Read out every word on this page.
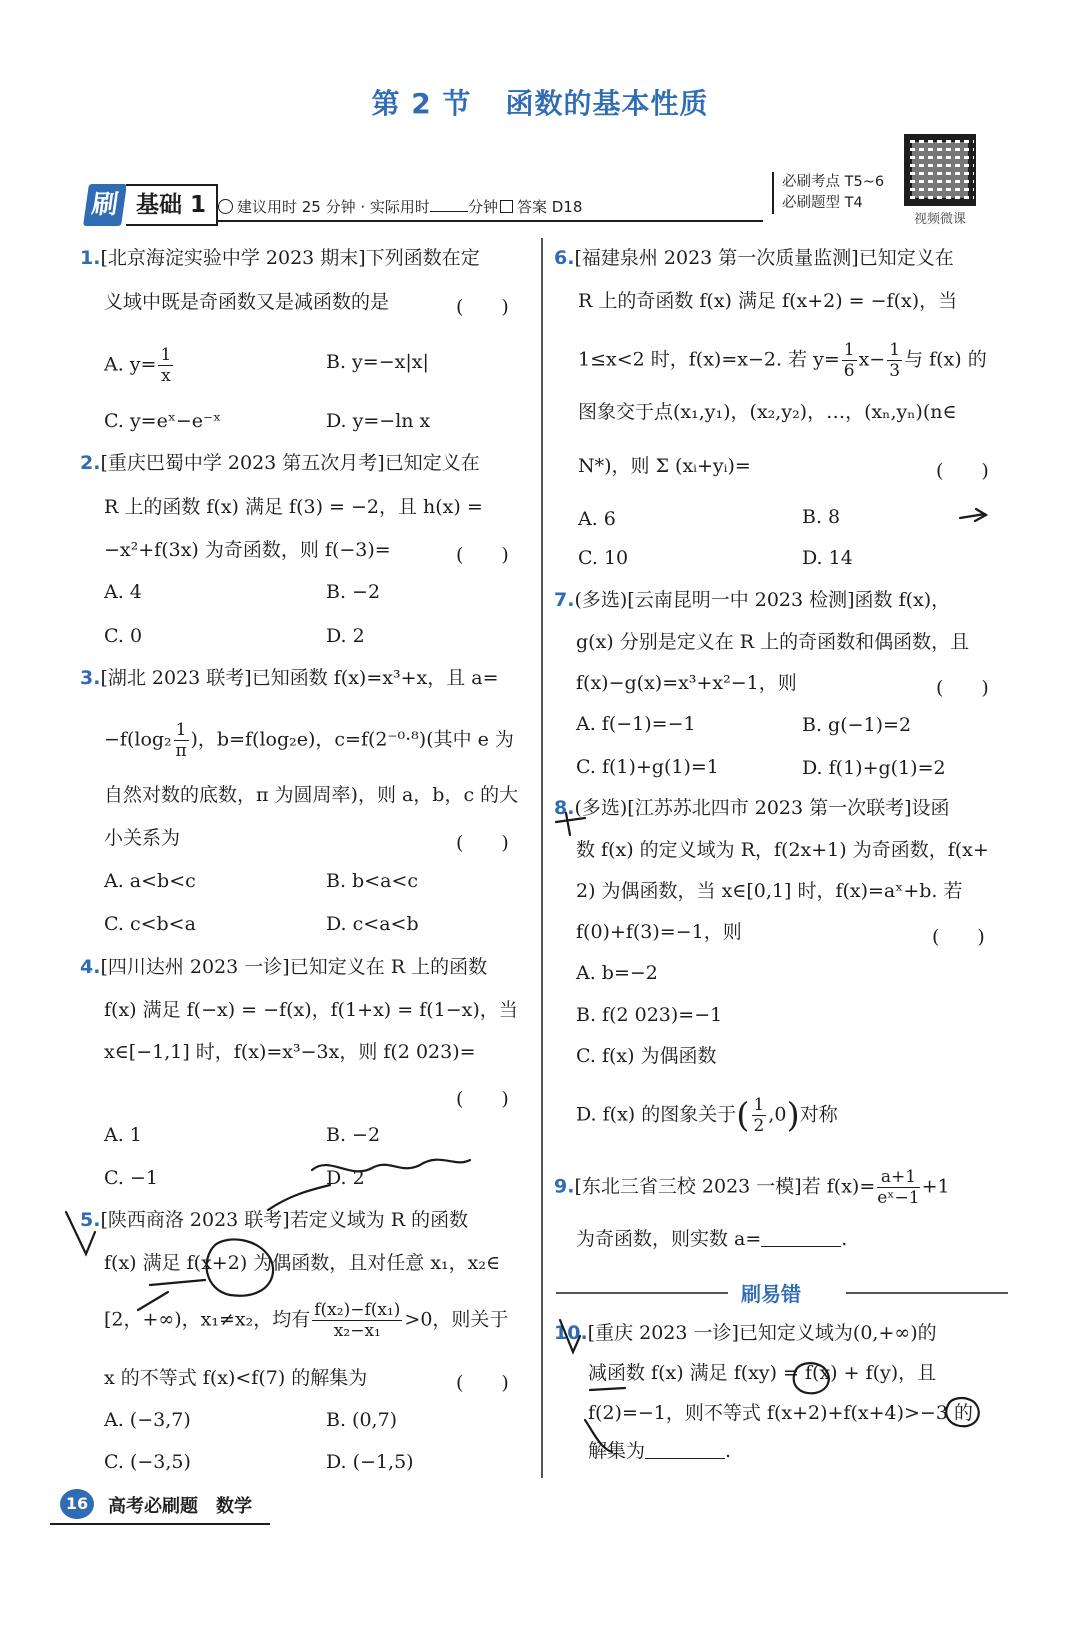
第 2 节 函数的基本性质
刷 基础 1	建议用时 25 分钟 · 实际用时	分钟 答案 D18
必刷考点 T5~6
必刷题型 T4
视频微课
1.[北京海淀实验中学 2023 期末]下列函数在定
义域中既是奇函数又是减函数的是	(　　)
A. $y= \frac{1}{x}$	B. y=−x|x|
C. y=eˣ−e⁻ˣ	D. y=−ln x
2.[重庆巴蜀中学 2023 第五次月考]已知定义在
R 上的函数 f(x) 满足 f(3) = −2，且 h(x) =
−x²+f(3x) 为奇函数，则 f(−3)=	(　　)
A. 4	B. −2
C. 0	D. 2
3.[湖北 2023 联考]已知函数 f(x)=x³+x，且 a=
$-f(\log_2 \frac{1}{\pi}$ )，b=f(log₂e)，c=f(2⁻⁰·⁸)(其中 e 为
自然对数的底数，π 为圆周率)，则 a，b，c 的大
小关系为	(　　)
A. a<b<c	B. b<a<c
C. c<b<a	D. c<a<b
4.[四川达州 2023 一诊]已知定义在 R 上的函数
f(x) 满足 f(−x) = −f(x)，f(1+x) = f(1−x)，当
x∈[−1,1] 时，f(x)=x³−3x，则 f(2 023)=
(　　)
A. 1	B. −2
C. −1	D. 2
5.[陕西商洛 2023 联考]若定义域为 R 的函数
f(x) 满足 f(x+2) 为偶函数，且对任意 x₁，x₂∈
[2，+∞)，x₁≠x₂，均有 $\frac{\text{f(x₂)−f(x₁)}}{\text{x₂−x₁}} >0$，则关于
x 的不等式 f(x)<f(7) 的解集为	(　　)
A. (−3,7)	B. (0,7)
C. (−3,5)	D. (−1,5)
6.[福建泉州 2023 第一次质量监测]已知定义在
R 上的奇函数 f(x) 满足 f(x+2) = −f(x)，当
1≤x<2 时，f(x)=x−2. 若 $y= \frac{1}{6} x- \frac{1}{3}$ 与 f(x) 的
图象交于点(x₁,y₁)，(x₂,y₂)，…，(xₙ,yₙ)(n∈
N*)，则 Σ (xᵢ+yᵢ)=	(　　)
A. 6	B. 8
C. 10	D. 14
7.(多选)[云南昆明一中 2023 检测]函数 f(x)，
g(x) 分别是定义在 R 上的奇函数和偶函数，且
f(x)−g(x)=x³+x²−1，则	(　　)
A. f(−1)=−1	B. g(−1)=2
C. f(1)+g(1)=1	D. f(1)+g(1)=2
8.(多选)[江苏苏北四市 2023 第一次联考]设函
数 f(x) 的定义域为 R，f(2x+1) 为奇函数，f(x+
2) 为偶函数，当 x∈[0,1] 时，f(x)=aˣ+b. 若
f(0)+f(3)=−1，则	(　　)
A. b=−2
B. f(2 023)=−1
C. f(x) 为偶函数
D. f(x) 的图象关于( $\frac{1}{2} ,0$)对称
9.[东北三省三校 2023 一模]若 $f(x)= \frac{a+1}{\text{eˣ−1}} +1$
为奇函数，则实数 a=	.
刷易错
10.[重庆 2023 一诊]已知定义域为(0,+∞)的
减函数 f(x) 满足 f(xy) = f(x) + f(y)，且
f(2)=−1，则不等式 f(x+2)+f(x+4)>−3 的
解集为	.
16	高考必刷题　数学
